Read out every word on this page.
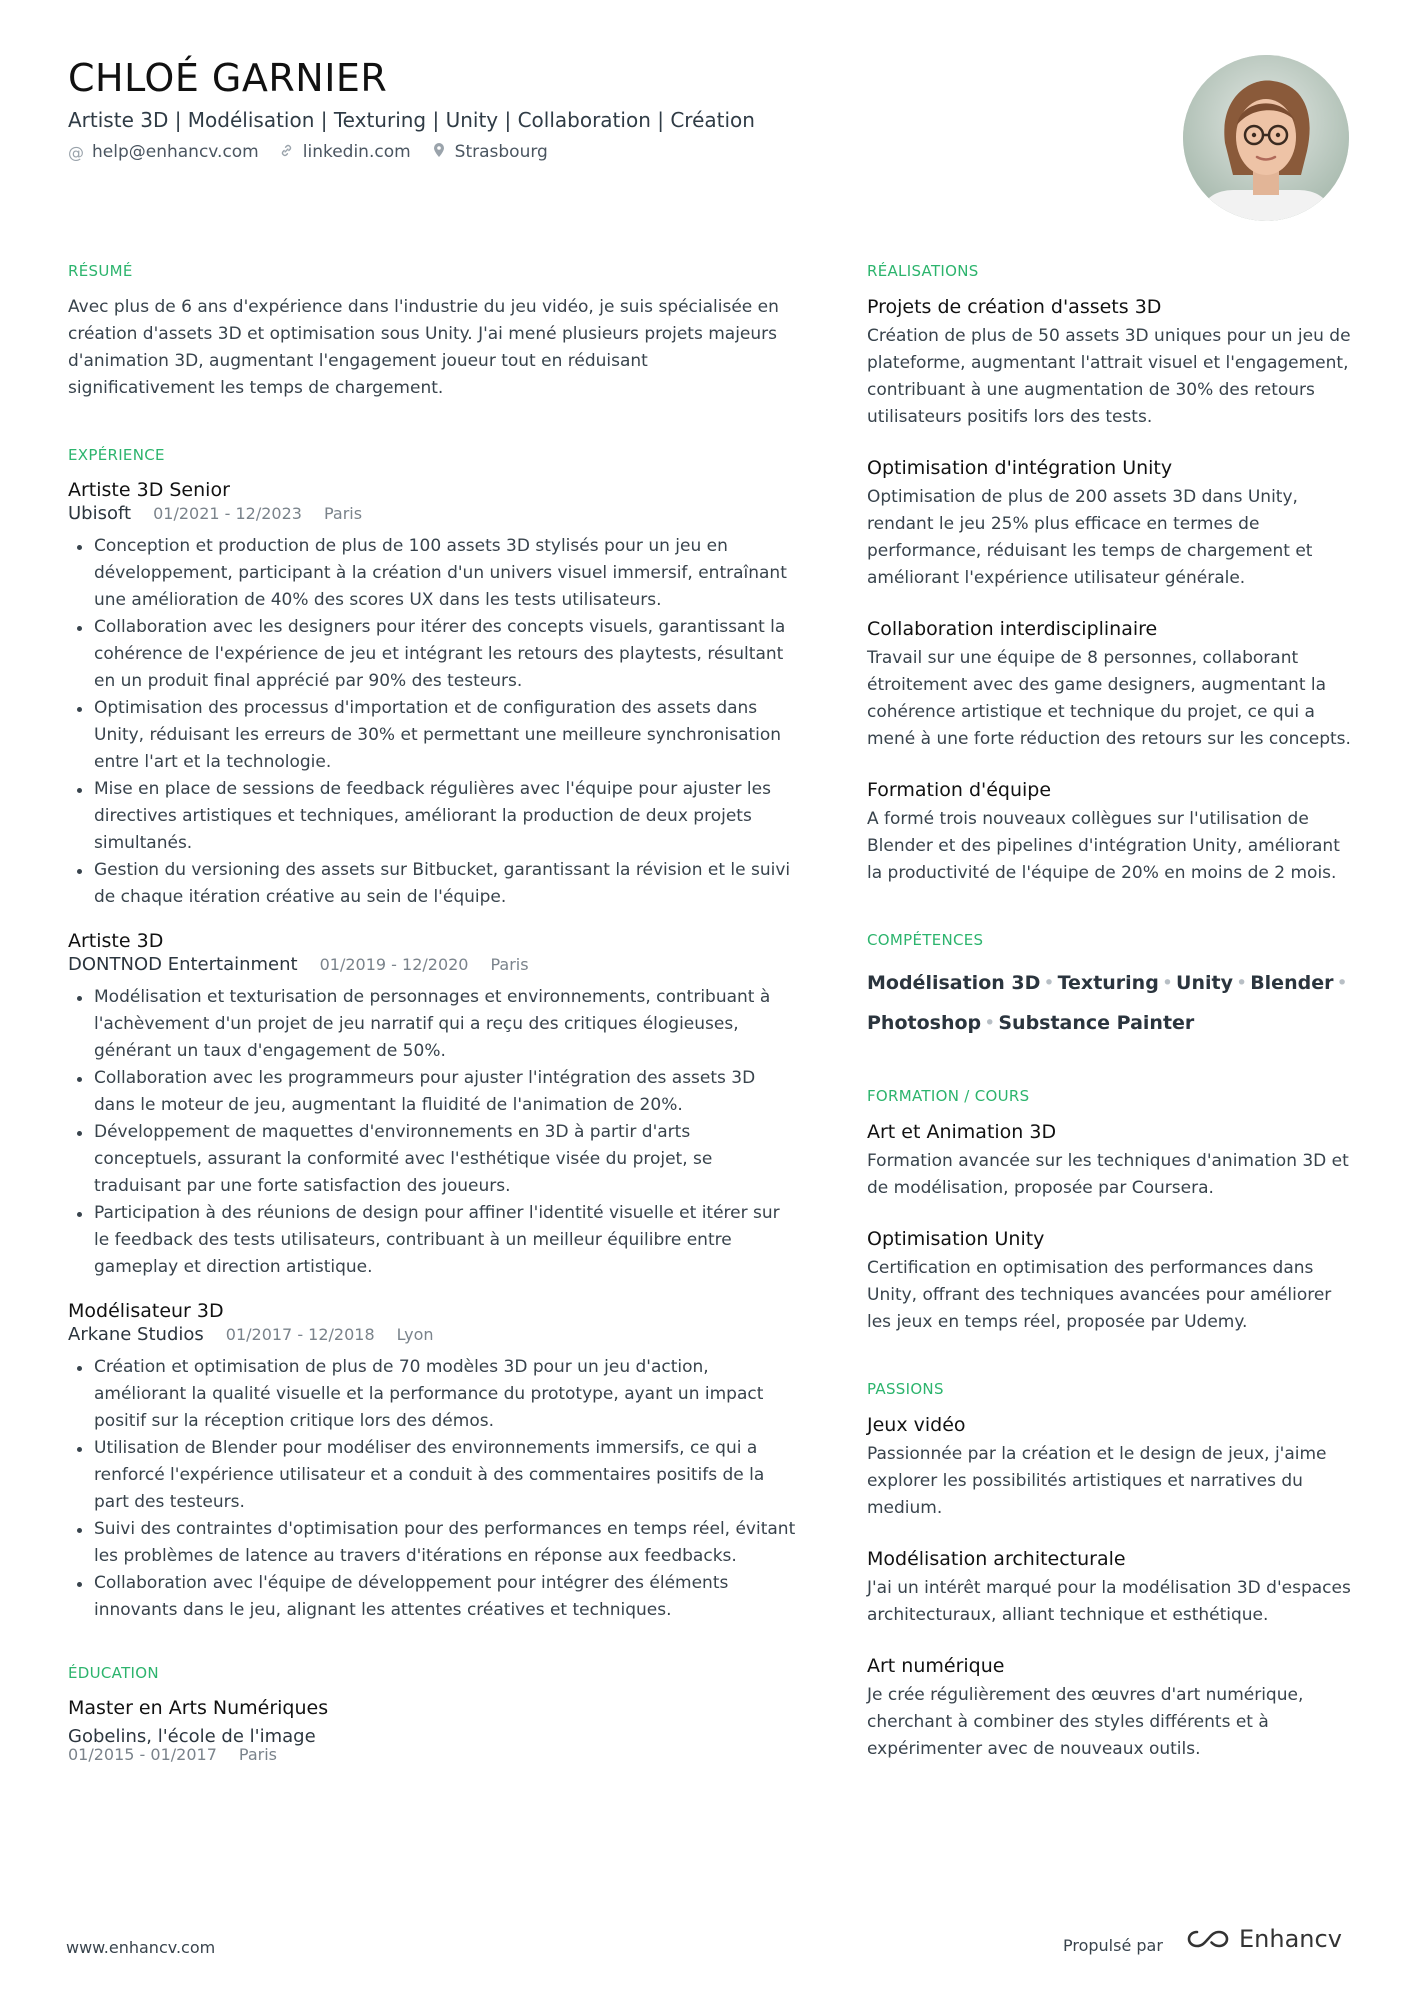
CHLOÉ GARNIER
Artiste 3D | Modélisation | Texturing | Unity | Collaboration | Création
@ help@enhancv.com	linkedin.com	Strasbourg
RÉSUMÉ

Avec plus de 6 ans d'expérience dans l'industrie du jeu vidéo, je suis spécialisée en création d'assets 3D et optimisation sous Unity. J'ai mené plusieurs projets majeurs d'animation 3D, augmentant l'engagement joueur tout en réduisant significativement les temps de chargement.

EXPÉRIENCE
Artiste 3D Senior
Ubisoft 01/2021 - 12/2023 Paris
Conception et production de plus de 100 assets 3D stylisés pour un jeu en développement, participant à la création d'un univers visuel immersif, entraînant une amélioration de 40% des scores UX dans les tests utilisateurs.
Collaboration avec les designers pour itérer des concepts visuels, garantissant la cohérence de l'expérience de jeu et intégrant les retours des playtests, résultant en un produit final apprécié par 90% des testeurs.
Optimisation des processus d'importation et de configuration des assets dans Unity, réduisant les erreurs de 30% et permettant une meilleure synchronisation entre l'art et la technologie.
Mise en place de sessions de feedback régulières avec l'équipe pour ajuster les directives artistiques et techniques, améliorant la production de deux projets simultanés.
Gestion du versioning des assets sur Bitbucket, garantissant la révision et le suivi de chaque itération créative au sein de l'équipe.
Artiste 3D
DONTNOD Entertainment 01/2019 - 12/2020 Paris
Modélisation et texturisation de personnages et environnements, contribuant à l'achèvement d'un projet de jeu narratif qui a reçu des critiques élogieuses, générant un taux d'engagement de 50%.
Collaboration avec les programmeurs pour ajuster l'intégration des assets 3D dans le moteur de jeu, augmentant la fluidité de l'animation de 20%.
Développement de maquettes d'environnements en 3D à partir d'arts conceptuels, assurant la conformité avec l'esthétique visée du projet, se traduisant par une forte satisfaction des joueurs.
Participation à des réunions de design pour affiner l'identité visuelle et itérer sur le feedback des tests utilisateurs, contribuant à un meilleur équilibre entre gameplay et direction artistique.
Modélisateur 3D
Arkane Studios 01/2017 - 12/2018 Lyon
Création et optimisation de plus de 70 modèles 3D pour un jeu d'action, améliorant la qualité visuelle et la performance du prototype, ayant un impact positif sur la réception critique lors des démos.
Utilisation de Blender pour modéliser des environnements immersifs, ce qui a renforcé l'expérience utilisateur et a conduit à des commentaires positifs de la part des testeurs.
Suivi des contraintes d'optimisation pour des performances en temps réel, évitant les problèmes de latence au travers d'itérations en réponse aux feedbacks.
Collaboration avec l'équipe de développement pour intégrer des éléments innovants dans le jeu, alignant les attentes créatives et techniques.
ÉDUCATION
Master en Arts Numériques
Gobelins, l'école de l'image
01/2015 - 01/2017 Paris
RÉALISATIONS
Projets de création d'assets 3D

Création de plus de 50 assets 3D uniques pour un jeu de plateforme, augmentant l'attrait visuel et l'engagement, contribuant à une augmentation de 30% des retours utilisateurs positifs lors des tests.

Optimisation d'intégration Unity

Optimisation de plus de 200 assets 3D dans Unity, rendant le jeu 25% plus efficace en termes de performance, réduisant les temps de chargement et améliorant l'expérience utilisateur générale.

Collaboration interdisciplinaire

Travail sur une équipe de 8 personnes, collaborant étroitement avec des game designers, augmentant la cohérence artistique et technique du projet, ce qui a mené à une forte réduction des retours sur les concepts.

Formation d'équipe

A formé trois nouveaux collègues sur l'utilisation de Blender et des pipelines d'intégration Unity, améliorant la productivité de l'équipe de 20% en moins de 2 mois.

COMPÉTENCES
Modélisation 3D • Texturing • Unity • Blender •
Photoshop • Substance Painter
FORMATION / COURS
Art et Animation 3D

Formation avancée sur les techniques d'animation 3D et de modélisation, proposée par Coursera.

Optimisation Unity

Certification en optimisation des performances dans Unity, offrant des techniques avancées pour améliorer les jeux en temps réel, proposée par Udemy.

PASSIONS
Jeux vidéo

Passionnée par la création et le design de jeux, j'aime explorer les possibilités artistiques et narratives du medium.

Modélisation architecturale

J'ai un intérêt marqué pour la modélisation 3D d'espaces architecturaux, alliant technique et esthétique.

Art numérique

Je crée régulièrement des œuvres d'art numérique, cherchant à combiner des styles différents et à expérimenter avec de nouveaux outils.

www.enhancv.com	Propulsé par	Enhancv
